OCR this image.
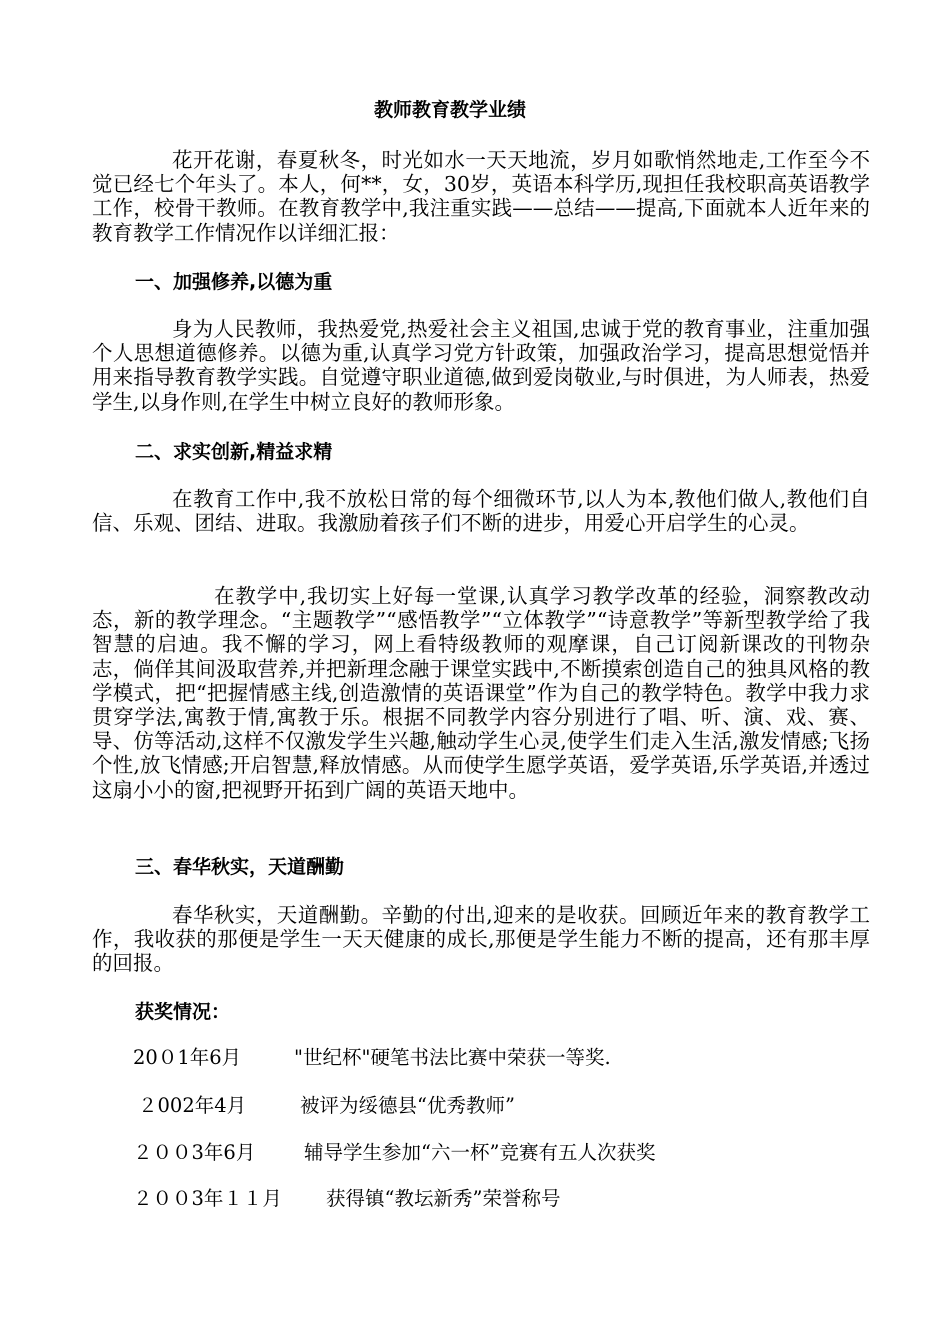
教师教育教学业绩

花开花谢，春夏秋冬，时光如水一天天地流，岁月如歌悄然地走,工作至今不觉已经七个年头了。本人，何**，女，30岁，英语本科学历,现担任我校职高英语教学工作，校骨干教师。在教育教学中,我注重实践——总结——提高,下面就本人近年来的教育教学工作情况作以详细汇报：

一、加强修养,以德为重

身为人民教师，我热爱党,热爱社会主义祖国,忠诚于党的教育事业，注重加强个人思想道德修养。以德为重,认真学习党方针政策，加强政治学习，提高思想觉悟并用来指导教育教学实践。自觉遵守职业道德,做到爱岗敬业,与时俱进，为人师表，热爱学生,以身作则,在学生中树立良好的教师形象。

二、求实创新,精益求精

在教育工作中,我不放松日常的每个细微环节,以人为本,教他们做人,教他们自信、乐观、团结、进取。我激励着孩子们不断的进步，用爱心开启学生的心灵。

在教学中,我切实上好每一堂课,认真学习教学改革的经验，洞察教改动态，新的教学理念。“主题教学”“感悟教学”“立体教学”“诗意教学”等新型教学给了我智慧的启迪。我不懈的学习，网上看特级教师的观摩课，自己订阅新课改的刊物杂志，倘佯其间汲取营养,并把新理念融于课堂实践中,不断摸索创造自己的独具风格的教学模式，把“把握情感主线,创造激情的英语课堂”作为自己的教学特色。教学中我力求贯穿学法,寓教于情,寓教于乐。根据不同教学内容分别进行了唱、听、演、戏、赛、导、仿等活动,这样不仅激发学生兴趣,触动学生心灵,使学生们走入生活,激发情感;飞扬个性,放飞情感;开启智慧,释放情感。从而使学生愿学英语，爱学英语,乐学英语,并透过这扇小小的窗,把视野开拓到广阔的英语天地中。

三、春华秋实，天道酬勤

春华秋实，天道酬勤。辛勤的付出,迎来的是收获。回顾近年来的教育教学工作，我收获的那便是学生一天天健康的成长,那便是学生能力不断的提高，还有那丰厚的回报。

获奖情况：

20０1年6月	"世纪杯"硬笔书法比赛中荣获一等奖.
２002年4月	被评为绥德县“优秀教师”
２００3年6月 辅导学生参加“六一杯”竞赛有五人次获奖
２００3年１１月 获得镇“教坛新秀”荣誉称号
